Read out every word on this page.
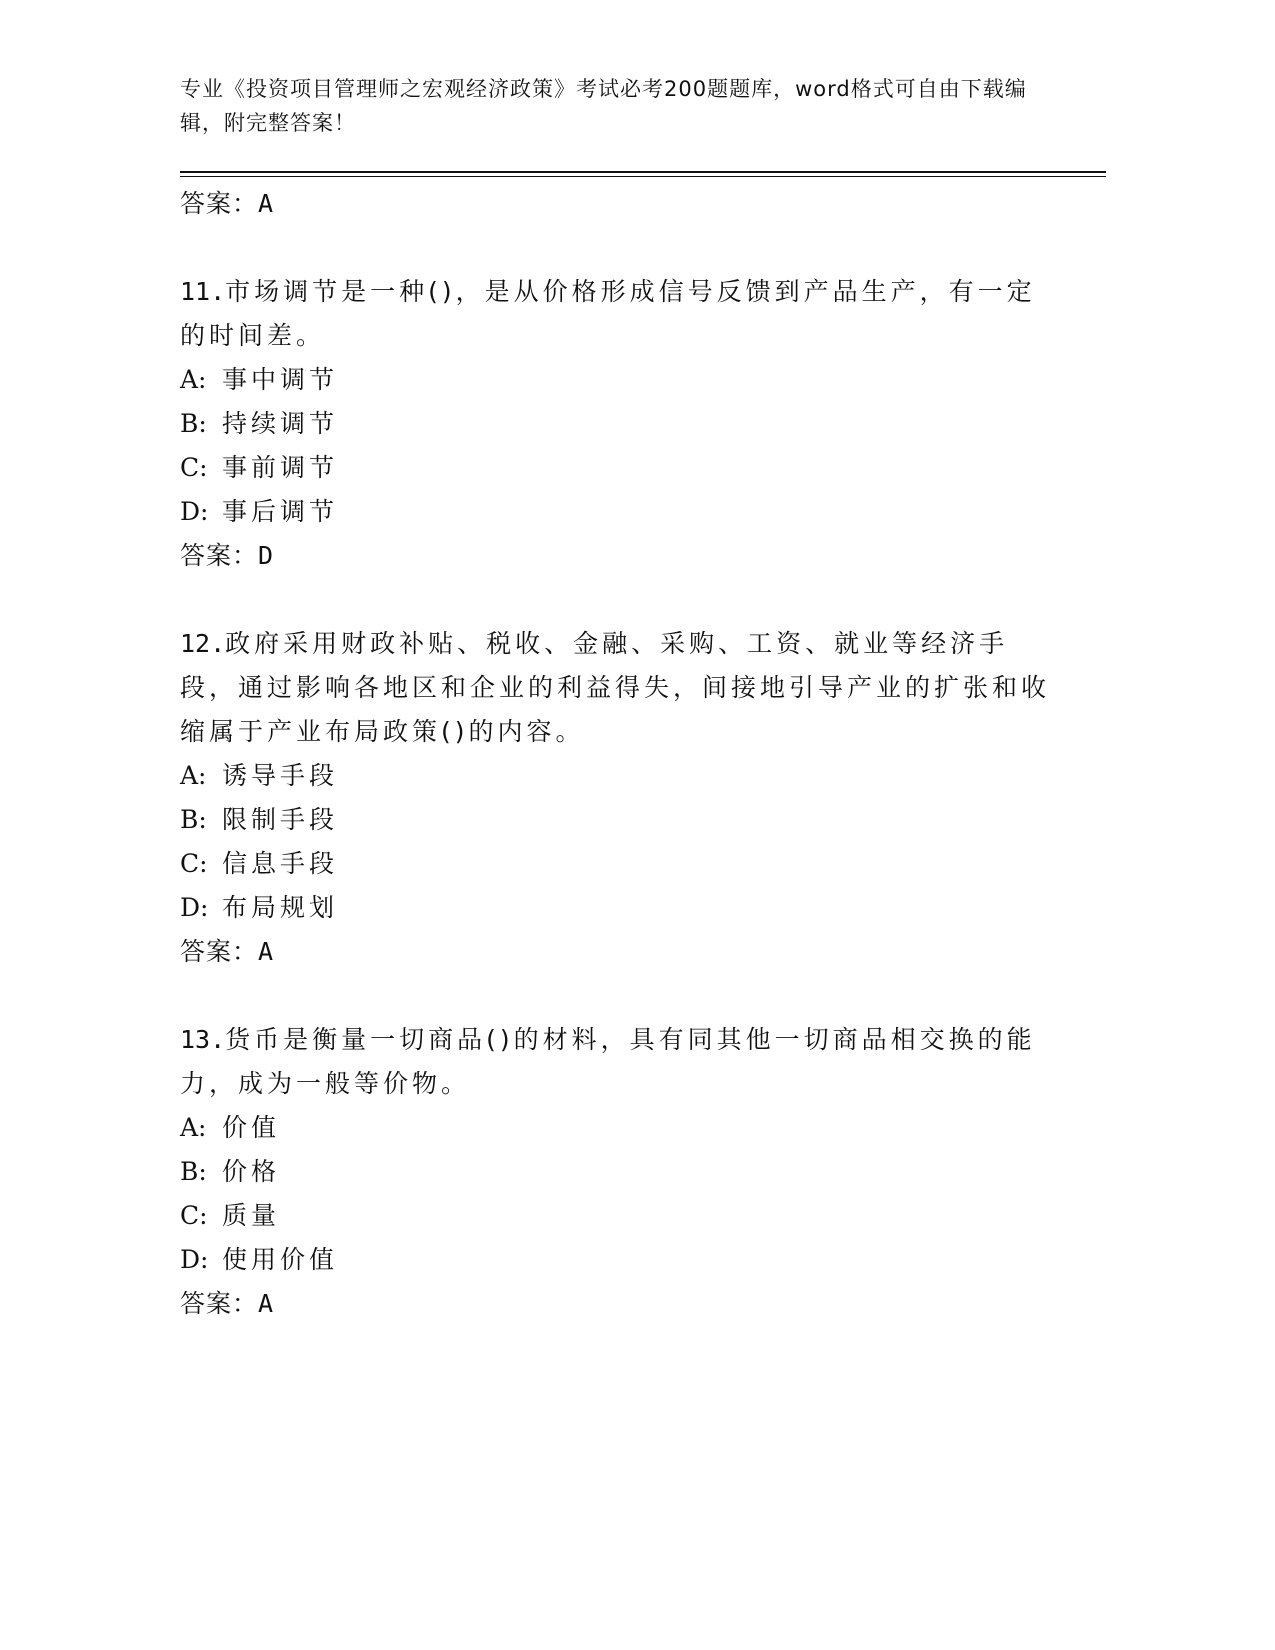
专业《投资项目管理师之宏观经济政策》考试必考200题题库，word格式可自由下载编辑，附完整答案！
答案：A
11.市场调节是一种()，是从价格形成信号反馈到产品生产，有一定的时间差。
A: 事中调节
B: 持续调节
C: 事前调节
D: 事后调节
答案：D
12.政府采用财政补贴、税收、金融、采购、工资、就业等经济手段，通过影响各地区和企业的利益得失，间接地引导产业的扩张和收缩属于产业布局政策()的内容。
A: 诱导手段
B: 限制手段
C: 信息手段
D: 布局规划
答案：A
13.货币是衡量一切商品()的材料，具有同其他一切商品相交换的能力，成为一般等价物。
A: 价值
B: 价格
C: 质量
D: 使用价值
答案：A
